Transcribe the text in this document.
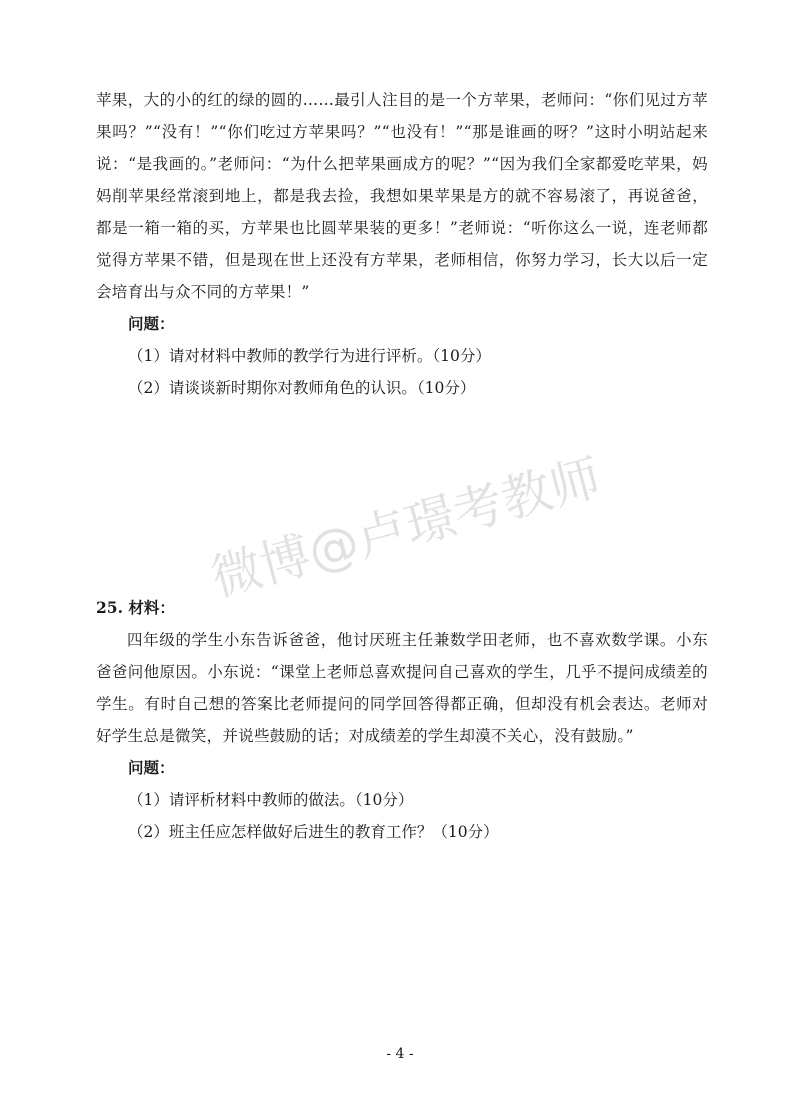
苹果，大的小的红的绿的圆的……最引人注目的是一个方苹果，老师问：“你们见过方苹果吗？”“没有！”“你们吃过方苹果吗？”“也没有！”“那是谁画的呀？”这时小明站起来说：“是我画的。”老师问：“为什么把苹果画成方的呢？”“因为我们全家都爱吃苹果，妈妈削苹果经常滚到地上，都是我去捡，我想如果苹果是方的就不容易滚了，再说爸爸，都是一箱一箱的买，方苹果也比圆苹果装的更多！”老师说：“听你这么一说，连老师都觉得方苹果不错，但是现在世上还没有方苹果，老师相信，你努力学习，长大以后一定会培育出与众不同的方苹果！”

问题：

（1）请对材料中教师的教学行为进行评析。（10分）

（2）请谈谈新时期你对教师角色的认识。（10分）

微博@卢璟考教师

25. 材料：

四年级的学生小东告诉爸爸，他讨厌班主任兼数学田老师，也不喜欢数学课。小东爸爸问他原因。小东说：“课堂上老师总喜欢提问自己喜欢的学生，几乎不提问成绩差的学生。有时自己想的答案比老师提问的同学回答得都正确，但却没有机会表达。老师对好学生总是微笑，并说些鼓励的话；对成绩差的学生却漠不关心，没有鼓励。”

问题：

（1）请评析材料中教师的做法。（10分）

（2）班主任应怎样做好后进生的教育工作？（10分）

- 4 -
